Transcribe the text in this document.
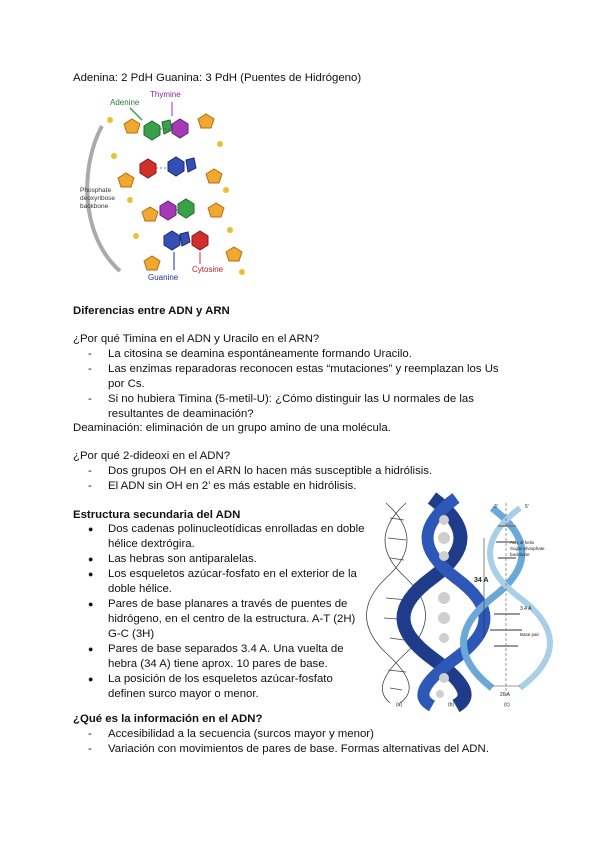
Adenina: 2 PdH Guanina: 3 PdH (Puentes de Hidrógeno)
Adenine
Thymine
Phosphate
deoxyribose
backbone
Cytosine
Guanine
Diferencias entre ADN y ARN
¿Por qué Timina en el ADN y Uracilo en el ARN?
- La citosina se deamina espontáneamente formando Uracilo.
- Las enzimas reparadoras reconocen estas “mutaciones” y reemplazan los Us por Cs.
- Si no hubiera Timina (5-metil-U): ¿Cómo distinguir las U normales de las resultantes de deaminación?
Deaminación: eliminación de un grupo amino de una molécula.
¿Por qué 2-dideoxi en el ADN?
- Dos grupos OH en el ARN lo hacen más susceptible a hidrólisis.
- El ADN sin OH en 2’ es más estable en hidrólisis.
Estructura secundaria del ADN
● Dos cadenas polinucleotídicas enrolladas en doble hélice dextrógira.
● Las hebras son antiparalelas.
● Los esqueletos azúcar-fosfato en el exterior de la doble hélice.
● Pares de base planares a través de puentes de hidrógeno, en el centro de la estructura. A-T (2H) G-C (3H)
● Pares de base separados 3.4 A. Una vuelta de hebra (34 A) tiene aprox. 10 pares de base.
● La posición de los esqueletos azúcar-fosfato definen surco mayor o menor.
34 A
Axis of helix
Sugar-phosphate
backbone
3.4 A
Base pair
20 A
3'	5'
(a)	(b)	(c)
¿Qué es la información en el ADN?
- Accesibilidad a la secuencia (surcos mayor y menor)
- Variación con movimientos de pares de base. Formas alternativas del ADN.
